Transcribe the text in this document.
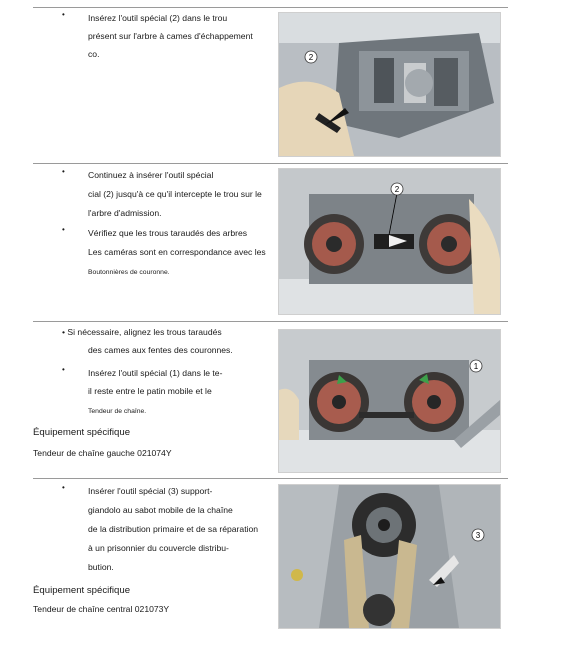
•	Insérez l'outil spécial (2) dans le trou
présent sur l'arbre à cames d'échappement
co.	2
•	Continuez à insérer l'outil spécial
cial (2) jusqu'à ce qu'il intercepte le trou sur le
l'arbre d'admission.
•	Vérifiez que les trous taraudés des arbres
Les caméras sont en correspondance avec les
Boutonnières de couronne.
2
• Si nécessaire, alignez les trous taraudés
des cames aux fentes des couronnes.
•	Insérez l'outil spécial (1) dans le te-
il reste entre le patin mobile et le
Tendeur de chaîne.
Équipement spécifique
Tendeur de chaîne gauche 021074Y
1
•	Insérer l'outil spécial (3) support-
giandolo au sabot mobile de la chaîne
de la distribution primaire et de sa réparation
à un prisonnier du couvercle distribu-
bution.
Équipement spécifique
Tendeur de chaîne central 021073Y
3
